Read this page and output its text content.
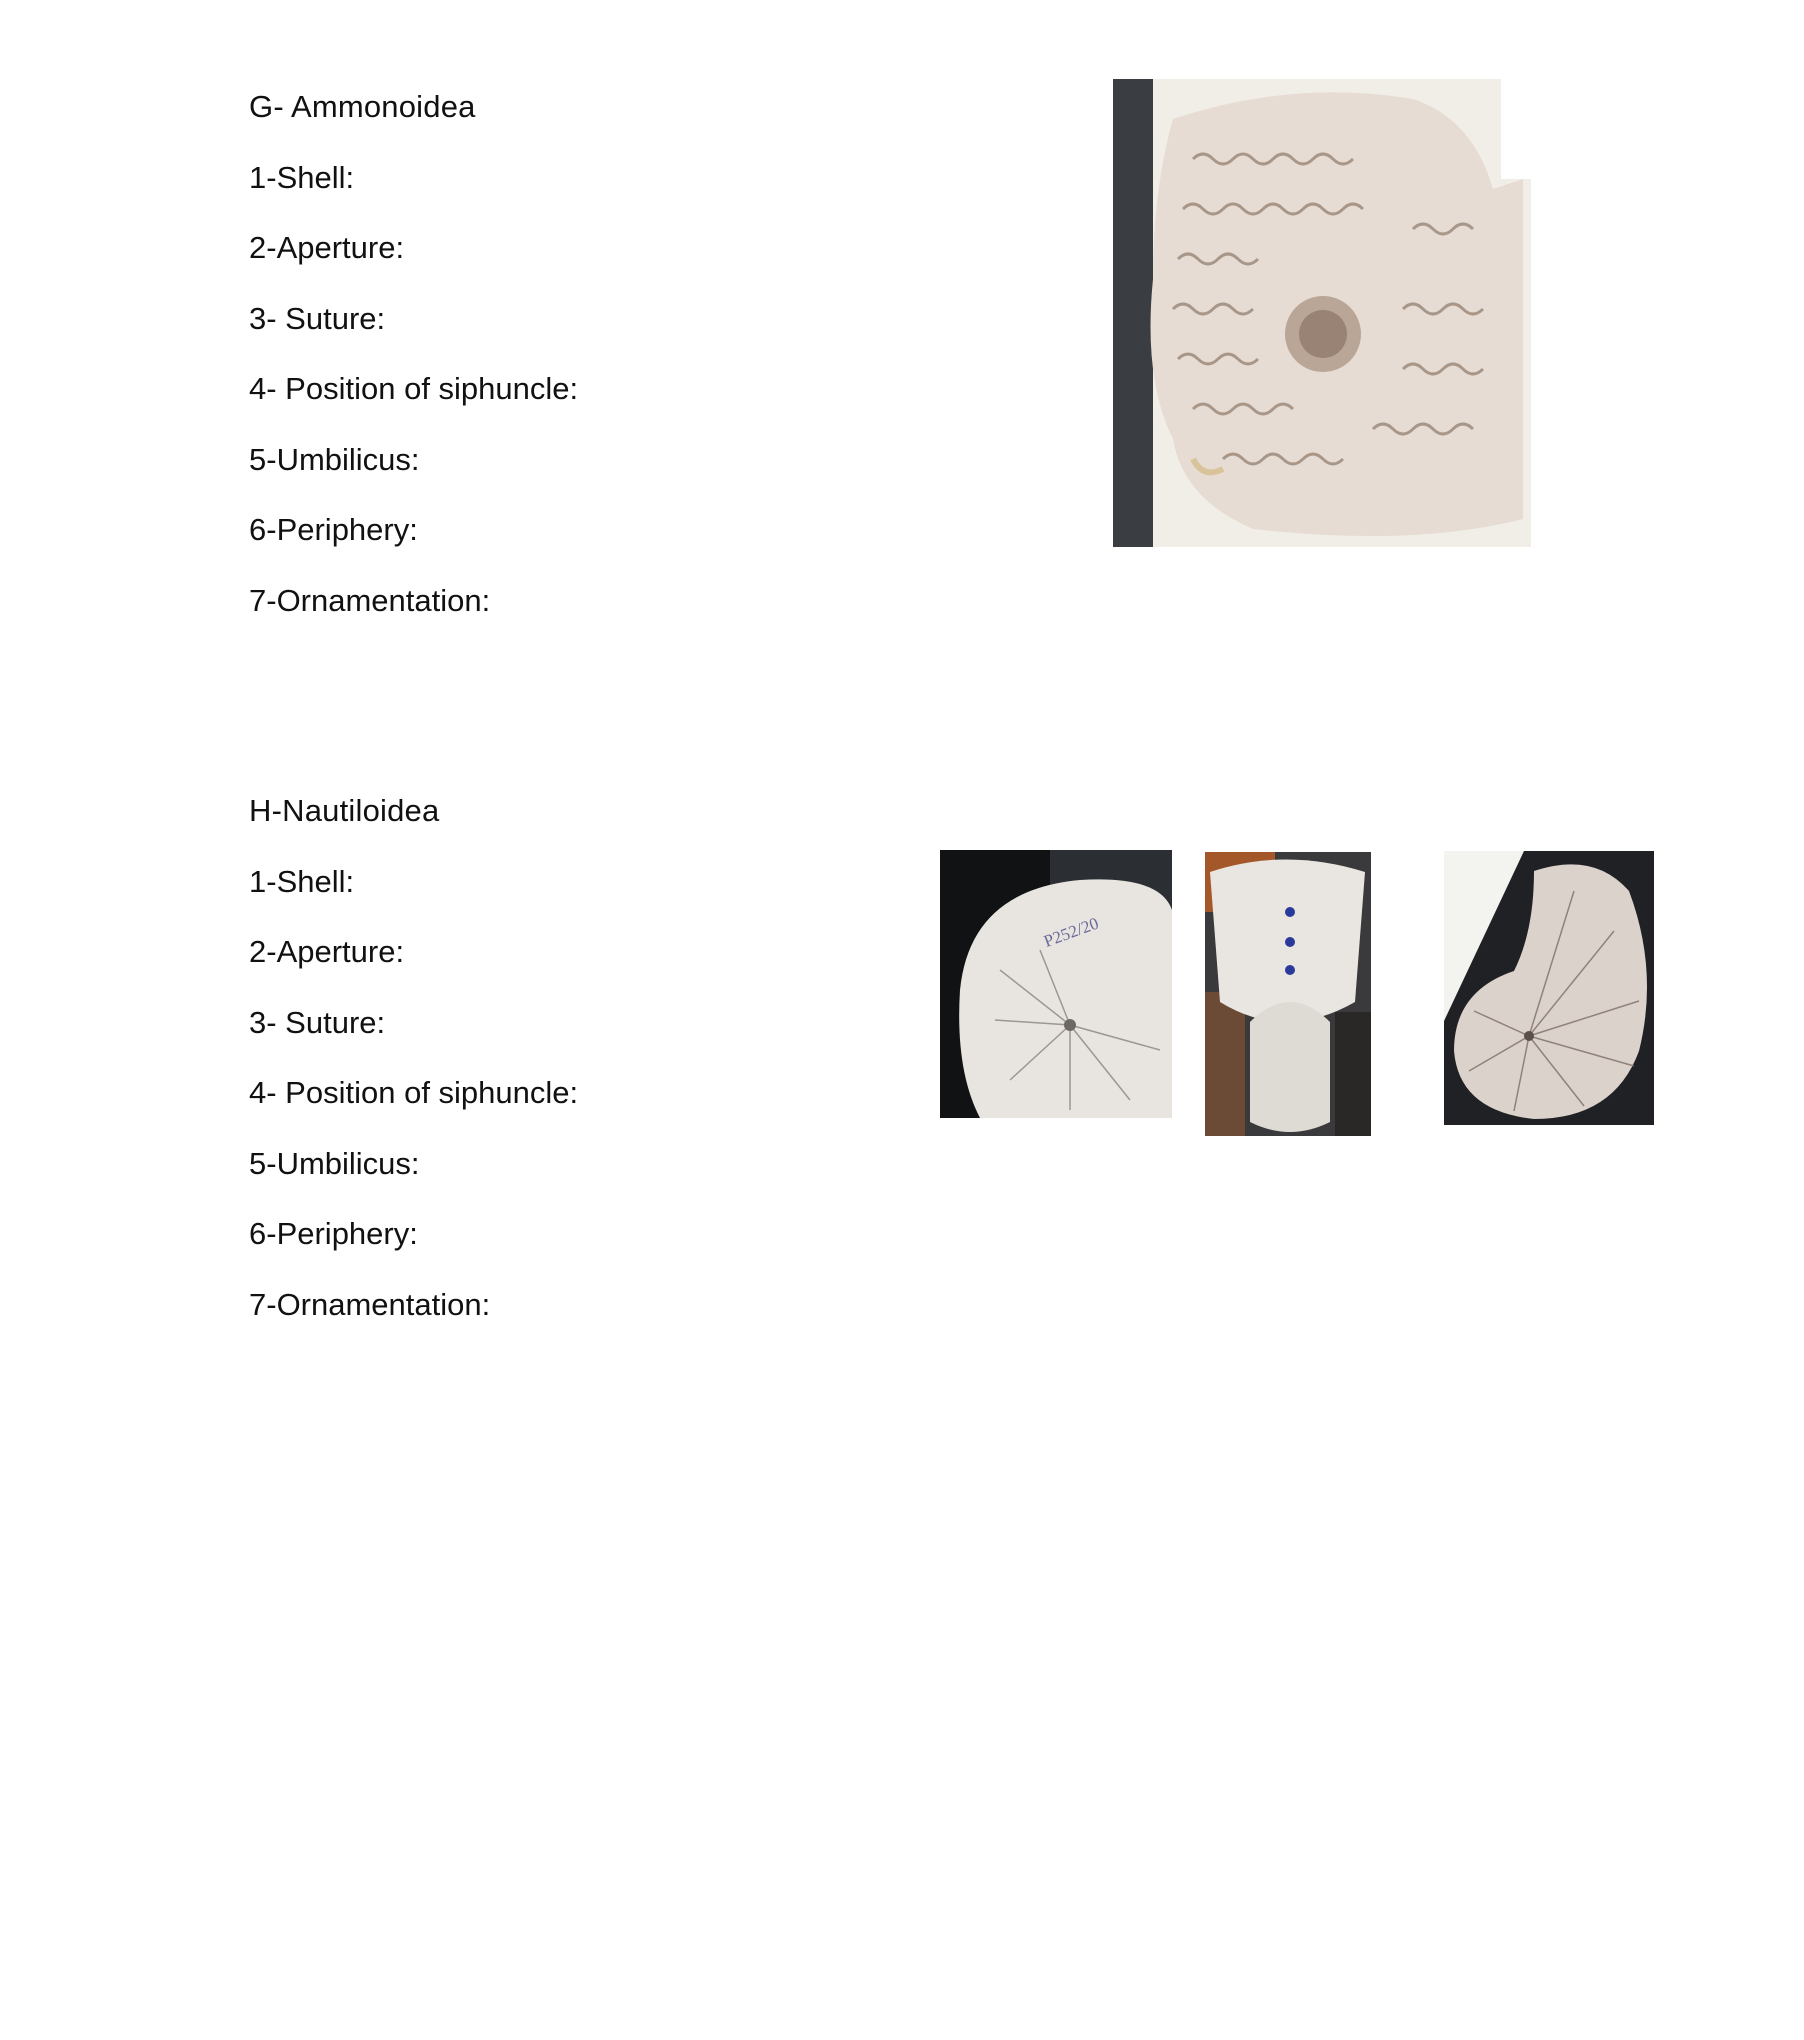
G- Ammonoidea
1-Shell:
2-Aperture:
3- Suture:
4- Position of siphuncle:
5-Umbilicus:
6-Periphery:
7-Ornamentation:
H-Nautiloidea
1-Shell:
2-Aperture:
3- Suture:
4- Position of siphuncle:
5-Umbilicus:
6-Periphery:
7-Ornamentation:
P252/20
